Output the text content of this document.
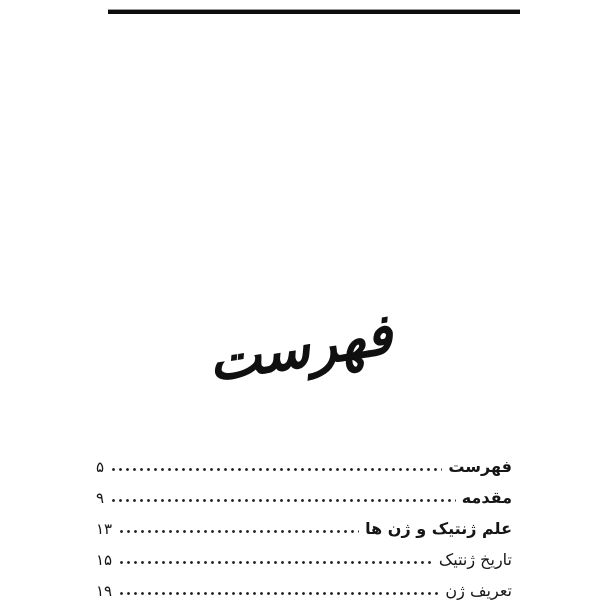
فهرست
فهرست
۵
مقدمه
۹
علم ژنتیک و ژن ها
۱۳
تاریخ ژنتیک
۱۵
تعریف ژن
۱۹
